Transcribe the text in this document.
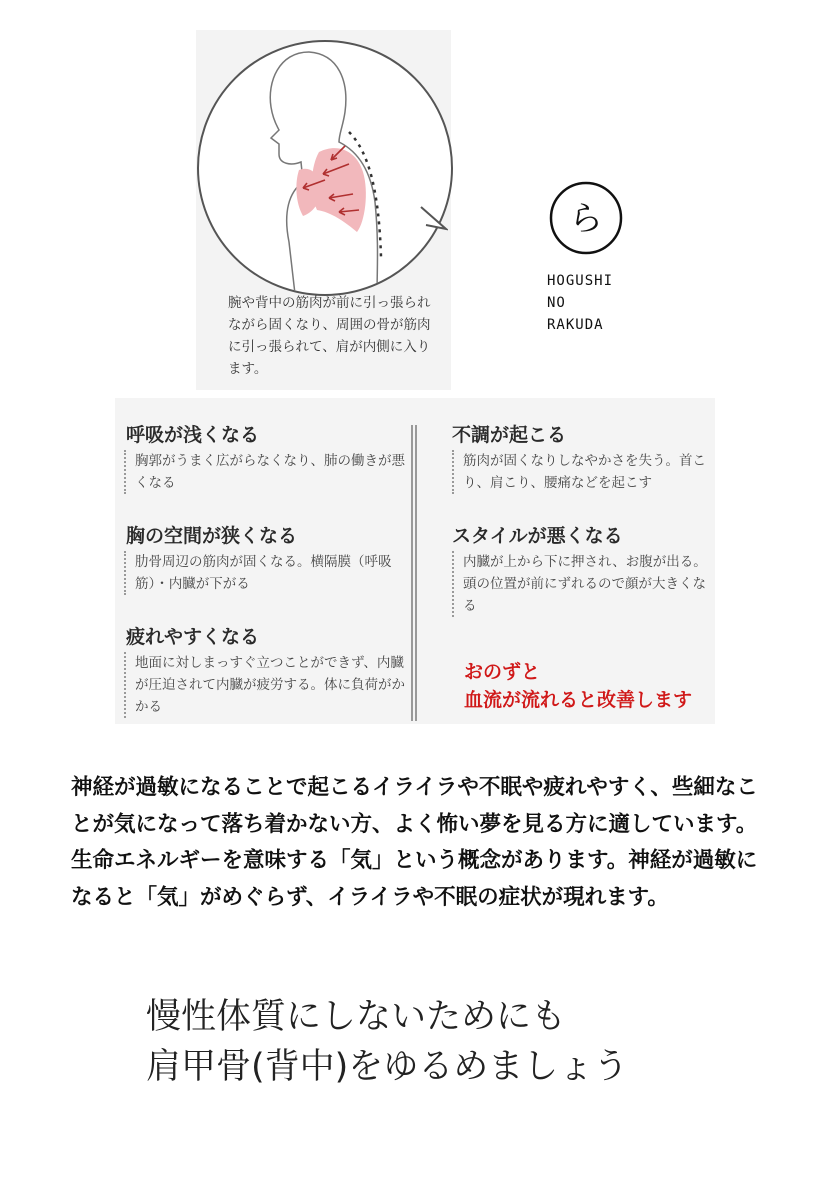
腕や背中の筋肉が前に引っ張られながら固くなり、周囲の骨が筋肉に引っ張られて、肩が内側に入ります。
ら
HOGUSHI
NO
RAKUDA
呼吸が浅くなる
胸郭がうまく広がらなくなり、肺の働きが悪くなる
胸の空間が狭くなる
肋骨周辺の筋肉が固くなる。横隔膜（呼吸筋）・内臓が下がる
疲れやすくなる
地面に対しまっすぐ立つことができず、内臓が圧迫されて内臓が疲労する。体に負荷がかかる
不調が起こる
筋肉が固くなりしなやかさを失う。首こり、肩こり、腰痛などを起こす
スタイルが悪くなる
内臓が上から下に押され、お腹が出る。頭の位置が前にずれるので顔が大きくなる
おのずと
血流が流れると改善します
神経が過敏になることで起こるイライラや不眠や疲れやすく、些細なことが気になって落ち着かない方、よく怖い夢を見る方に適しています。生命エネルギーを意味する「気」という概念があります。神経が過敏になると「気」がめぐらず、イライラや不眠の症状が現れます。
慢性体質にしないためにも
肩甲骨(背中)をゆるめましょう
